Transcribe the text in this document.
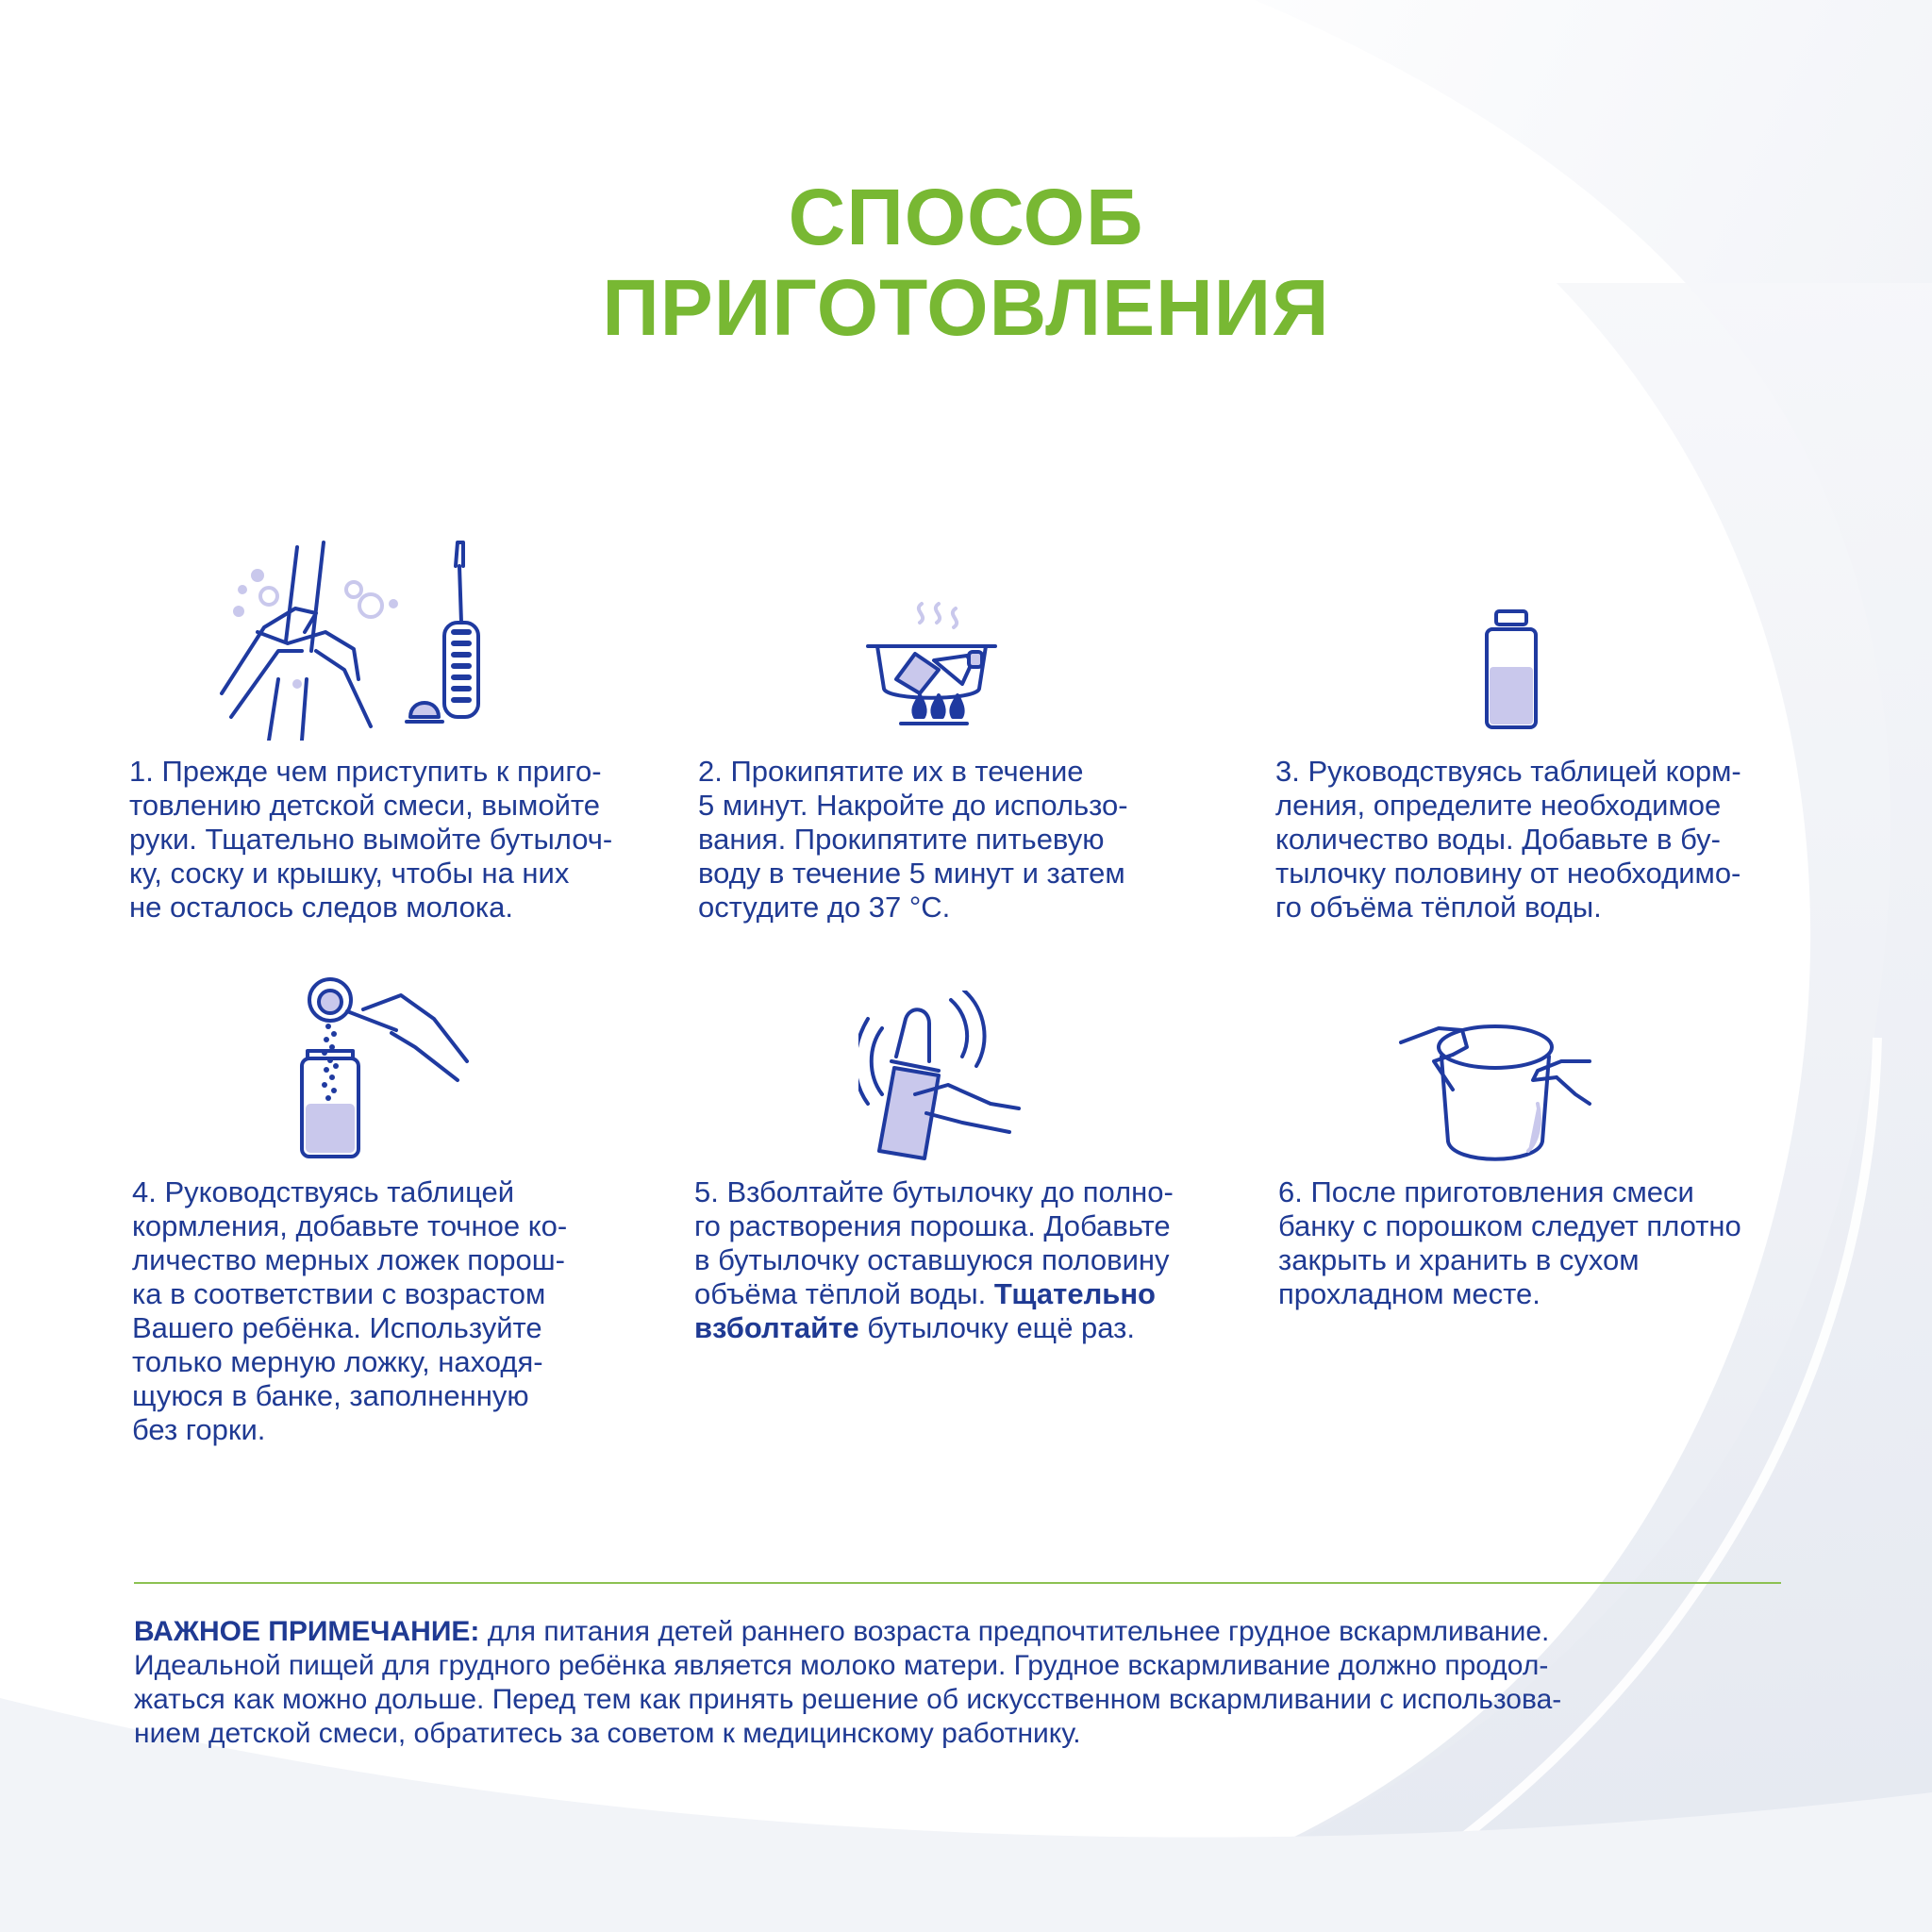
СПОСОБ
ПРИГОТОВЛЕНИЯ
1. Прежде чем приступить к приго-
товлению детской смеси, вымойте
руки. Тщательно вымойте бутылоч-
ку, соску и крышку, чтобы на них
не осталось следов молока.
2. Прокипятите их в течение
5 минут. Накройте до использо-
вания. Прокипятите питьевую
воду в течение 5 минут и затем
остудите до 37 °С.
3. Руководствуясь таблицей корм-
ления, определите необходимое
количество воды. Добавьте в бу-
тылочку половину от необходимо-
го объёма тёплой воды.
4. Руководствуясь таблицей
кормления, добавьте точное ко-
личество мерных ложек порош-
ка в соответствии с возрастом
Вашего ребёнка. Используйте
только мерную ложку, находя-
щуюся в банке, заполненную
без горки.
5. Взболтайте бутылочку до полно-
го растворения порошка. Добавьте
в бутылочку оставшуюся половину
объёма тёплой воды. Тщательно
взболтайте бутылочку ещё раз.
6. После приготовления смеси
банку с порошком следует плотно
закрыть и хранить в сухом
прохладном месте.

ВАЖНОЕ ПРИМЕЧАНИЕ: для питания детей раннего возраста предпочтительнее грудное вскармливание.

Идеальной пищей для грудного ребёнка является молоко матери. Грудное вскармливание должно продол-

жаться как можно дольше. Перед тем как принять решение об искусственном вскармливании с использова-

нием детской смеси, обратитесь за советом к медицинскому работнику.
